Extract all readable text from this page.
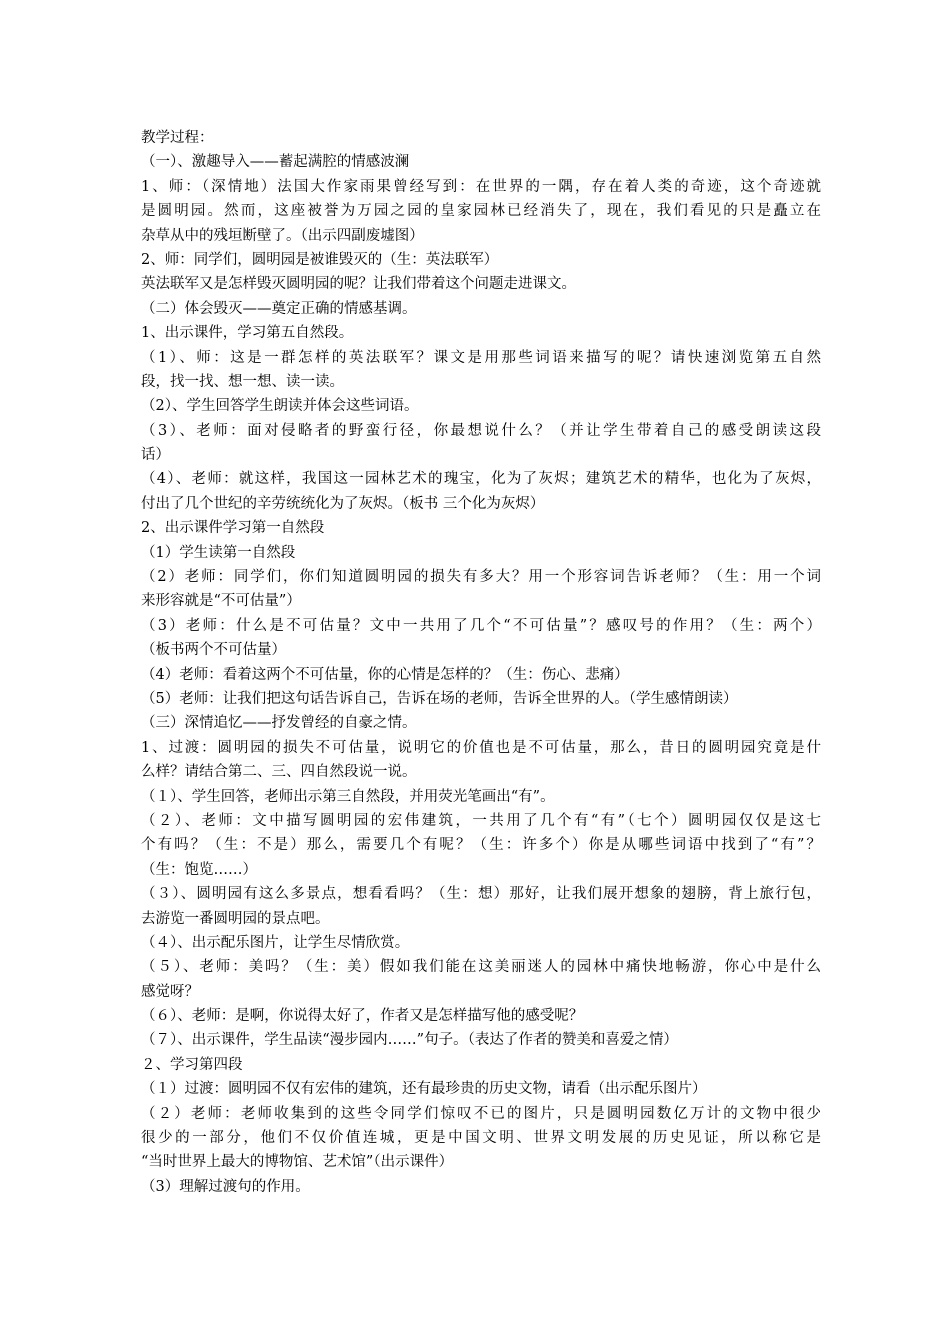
教学过程：
（一）、激趣导入——蓄起满腔的情感波澜
1、师：（深情地）法国大作家雨果曾经写到：在世界的一隅，存在着人类的奇迹，这个奇迹就
是圆明园。然而，这座被誉为万园之园的皇家园林已经消失了，现在，我们看见的只是矗立在
杂草从中的残垣断壁了。（出示四副废墟图）
2、师：同学们，圆明园是被谁毁灭的（生：英法联军）
英法联军又是怎样毁灭圆明园的呢？让我们带着这个问题走进课文。
（二）体会毁灭——奠定正确的情感基调。
1、出示课件，学习第五自然段。
（1）、师：这是一群怎样的英法联军？课文是用那些词语来描写的呢？请快速浏览第五自然
段，找一找、想一想、读一读。
（2）、学生回答学生朗读并体会这些词语。
（3）、老师：面对侵略者的野蛮行径，你最想说什么？（并让学生带着自己的感受朗读这段
话）
（4）、老师：就这样，我国这一园林艺术的瑰宝，化为了灰烬；建筑艺术的精华，也化为了灰烬，
付出了几个世纪的辛劳统统化为了灰烬。（板书 三个化为灰烬）
2、出示课件学习第一自然段
（1）学生读第一自然段
（2）老师：同学们，你们知道圆明园的损失有多大？用一个形容词告诉老师？（生：用一个词
来形容就是“不可估量”）
（3）老师：什么是不可估量？文中一共用了几个“不可估量”？感叹号的作用？（生：两个）
（板书两个不可估量）
（4）老师：看着这两个不可估量，你的心情是怎样的？（生：伤心、悲痛）
（5）老师：让我们把这句话告诉自己，告诉在场的老师，告诉全世界的人。（学生感情朗读）
（三）深情追忆——抒发曾经的自豪之情。
1、过渡：圆明园的损失不可估量，说明它的价值也是不可估量，那么，昔日的圆明园究竟是什
么样？请结合第二、三、四自然段说一说。
（１）、学生回答，老师出示第三自然段，并用荧光笔画出“有”。
（２）、老师：文中描写圆明园的宏伟建筑，一共用了几个有“有”（七个）圆明园仅仅是这七
个有吗？（生：不是）那么，需要几个有呢？（生：许多个）你是从哪些词语中找到了“有”？
（生：饱览……）
（３）、圆明园有这么多景点，想看看吗？（生：想）那好，让我们展开想象的翅膀，背上旅行包，
去游览一番圆明园的景点吧。
（４）、出示配乐图片，让学生尽情欣赏。
（５）、老师：美吗？（生：美）假如我们能在这美丽迷人的园林中痛快地畅游，你心中是什么
感觉呀？
（６）、老师：是啊，你说得太好了，作者又是怎样描写他的感受呢？
（７）、出示课件，学生品读“漫步园内……”句子。（表达了作者的赞美和喜爱之情）
２、学习第四段
（１）过渡：圆明园不仅有宏伟的建筑，还有最珍贵的历史文物，请看（出示配乐图片）
（２）老师：老师收集到的这些令同学们惊叹不已的图片，只是圆明园数亿万计的文物中很少
很少的一部分，他们不仅价值连城，更是中国文明、世界文明发展的历史见证，所以称它是
“当时世界上最大的博物馆、艺术馆”（出示课件）
（3）理解过渡句的作用。
